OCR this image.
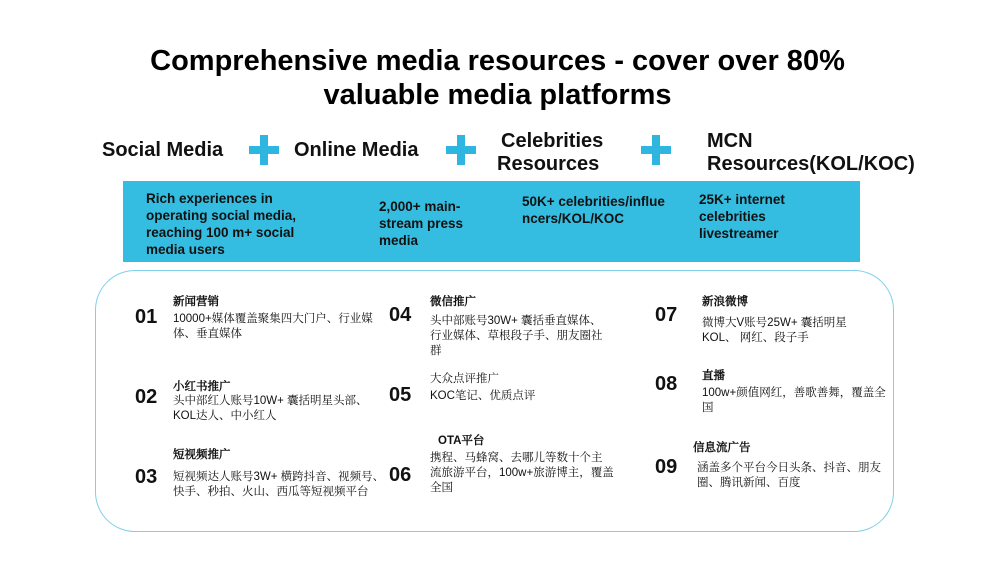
Comprehensive media resources - cover over 80%
valuable media platforms
Social Media	Online Media	Celebrities
Resources
MCN
Resources(KOL/KOC)
Rich experiences in operating social media, reaching 100 m+ social media users
2,000+ main-stream press media
50K+ celebrities/influencers/KOL/KOC
25K+ internet celebrities livestreamer
01
新闻营销
10000+媒体覆盖聚集四大门户、行业媒体、垂直媒体
02 小红书推广
头中部红人账号10W+ 囊括明星头部、KOL达人、中小红人
03
短视频推广
短视频达人账号3W+ 横跨抖音、视频号、 快手、秒拍、火山、西瓜等短视频平台
04
微信推广
头中部账号30W+ 囊括垂直媒体、行业媒体、草根段子手、朋友圈社群
05
大众点评推广
KOC笔记、优质点评
06
OTA平台
携程、马蜂窝、去哪儿等数十个主 流旅游平台，100w+旅游博主，覆盖全国
07
新浪微博
微博大V账号25W+ 囊括明星KOL、 网红、段子手
08 直播
100w+颜值网红，善歌善舞，覆盖全 国
09
信息流广告
涵盖多个平台今日头条、抖音、朋友圈、腾讯新闻、百度
